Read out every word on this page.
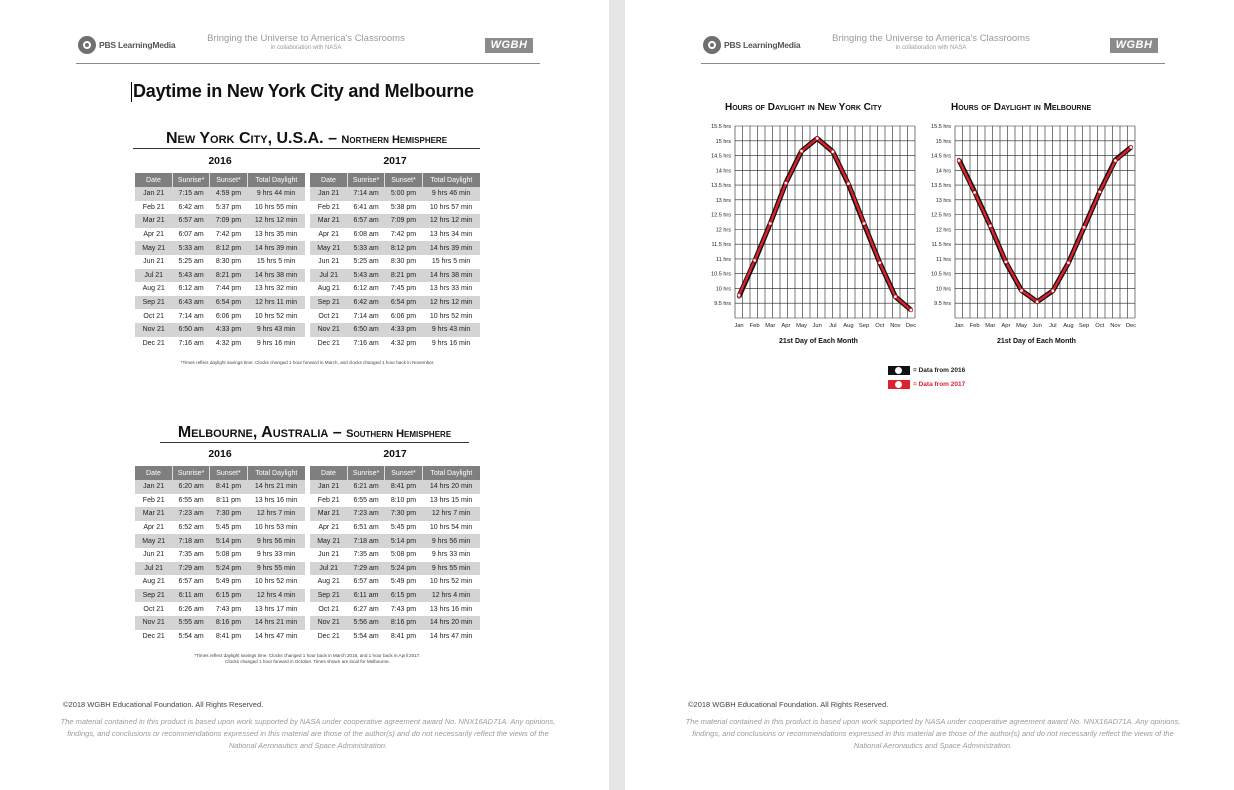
PBS LearningMedia
Bringing the Universe to America's Classrooms
in collaboration with NASA	WGBH
Daytime in New York City and Melbourne
New York City, U.S.A. – Northern Hemisphere
2016	2017
Date	Sunrise*	Sunset*	Total Daylight
Jan 21	7:15 am	4:59 pm	9 hrs 44 min
Feb 21	6:42 am	5:37 pm	10 hrs 55 min
Mar 21	6:57 am	7:09 pm	12 hrs 12 min
Apr 21	6:07 am	7:42 pm	13 hrs 35 min
May 21	5:33 am	8:12 pm	14 hrs 39 min
Jun 21	5:25 am	8:30 pm	15 hrs 5 min
Jul 21	5:43 am	8:21 pm	14 hrs 38 min
Aug 21	6:12 am	7:44 pm	13 hrs 32 min
Sep 21	6:43 am	6:54 pm	12 hrs 11 min
Oct 21	7:14 am	6:06 pm	10 hrs 52 min
Nov 21	6:50 am	4:33 pm	9 hrs 43 min
Dec 21	7:16 am	4:32 pm	9 hrs 16 min
Date	Sunrise*	Sunset*	Total Daylight
Jan 21	7:14 am	5:00 pm	9 hrs 46 min
Feb 21	6:41 am	5:38 pm	10 hrs 57 min
Mar 21	6:57 am	7:09 pm	12 hrs 12 min
Apr 21	6:08 am	7:42 pm	13 hrs 34 min
May 21	5:33 am	8:12 pm	14 hrs 39 min
Jun 21	5:25 am	8:30 pm	15 hrs 5 min
Jul 21	5:43 am	8:21 pm	14 hrs 38 min
Aug 21	6:12 am	7:45 pm	13 hrs 33 min
Sep 21	6:42 am	6:54 pm	12 hrs 12 min
Oct 21	7:14 am	6:06 pm	10 hrs 52 min
Nov 21	6:50 am	4:33 pm	9 hrs 43 min
Dec 21	7:16 am	4:32 pm	9 hrs 16 min
*Times reflect daylight savings time. Clocks changed 1 hour forward in March, and clocks changed 1 hour back in November.
Melbourne, Australia – Southern Hemisphere
2016	2017
Date	Sunrise*	Sunset*	Total Daylight
Jan 21	6:20 am	8:41 pm	14 hrs 21 min
Feb 21	6:55 am	8:11 pm	13 hrs 16 min
Mar 21	7:23 am	7:30 pm	12 hrs 7 min
Apr 21	6:52 am	5:45 pm	10 hrs 53 min
May 21	7:18 am	5:14 pm	9 hrs 56 min
Jun 21	7:35 am	5:08 pm	9 hrs 33 min
Jul 21	7:29 am	5:24 pm	9 hrs 55 min
Aug 21	6:57 am	5:49 pm	10 hrs 52 min
Sep 21	6:11 am	6:15 pm	12 hrs 4 min
Oct 21	6:26 am	7:43 pm	13 hrs 17 min
Nov 21	5:55 am	8:16 pm	14 hrs 21 min
Dec 21	5:54 am	8:41 pm	14 hrs 47 min
Date	Sunrise*	Sunset*	Total Daylight
Jan 21	6:21 am	8:41 pm	14 hrs 20 min
Feb 21	6:55 am	8:10 pm	13 hrs 15 min
Mar 21	7:23 am	7:30 pm	12 hrs 7 min
Apr 21	6:51 am	5:45 pm	10 hrs 54 min
May 21	7:18 am	5:14 pm	9 hrs 56 min
Jun 21	7:35 am	5:08 pm	9 hrs 33 min
Jul 21	7:29 am	5:24 pm	9 hrs 55 min
Aug 21	6:57 am	5:49 pm	10 hrs 52 min
Sep 21	6:11 am	6:15 pm	12 hrs 4 min
Oct 21	6:27 am	7:43 pm	13 hrs 16 min
Nov 21	5:56 am	8:16 pm	14 hrs 20 min
Dec 21	5:54 am	8:41 pm	14 hrs 47 min
*Times reflect daylight savings time. Clocks changed 1 hour back in March 2016, and 1 hour back in April 2017.
Clocks changed 1 hour forward in October. Times shown are local for Melbourne.
©2018 WGBH Educational Foundation. All Rights Reserved.
The material contained in this product is based upon work supported by NASA under cooperative agreement award No. NNX16AD71A. Any opinions, findings, and conclusions or recommendations expressed in this material are those of the author(s) and do not necessarily reflect the views of the National Aeronautics and Space Administration.
PBS LearningMedia
Bringing the Universe to America's Classrooms
in collaboration with NASA	WGBH
Hours of Daylight in New York City	Hours of Daylight in Melbourne
15.5 hrs
15 hrs
14.5 hrs
14 hrs
13.5 hrs
13 hrs
12.5 hrs
12 hrs
11.5 hrs
11 hrs
10.5 hrs
10 hrs
9.5 hrs
Jan Feb Mar Apr May Jun Jul Aug Sep Oct Nov Dec
15.5 hrs
15 hrs
14.5 hrs
14 hrs
13.5 hrs
13 hrs
12.5 hrs
12 hrs
11.5 hrs
11 hrs
10.5 hrs
10 hrs
9.5 hrs
Jan Feb Mar Apr May Jun Jul Aug Sep Oct Nov Dec
21st Day of Each Month	21st Day of Each Month
= Data from 2016
= Data from 2017
©2018 WGBH Educational Foundation. All Rights Reserved.
The material contained in this product is based upon work supported by NASA under cooperative agreement award No. NNX16AD71A. Any opinions, findings, and conclusions or recommendations expressed in this material are those of the author(s) and do not necessarily reflect the views of the National Aeronautics and Space Administration.
